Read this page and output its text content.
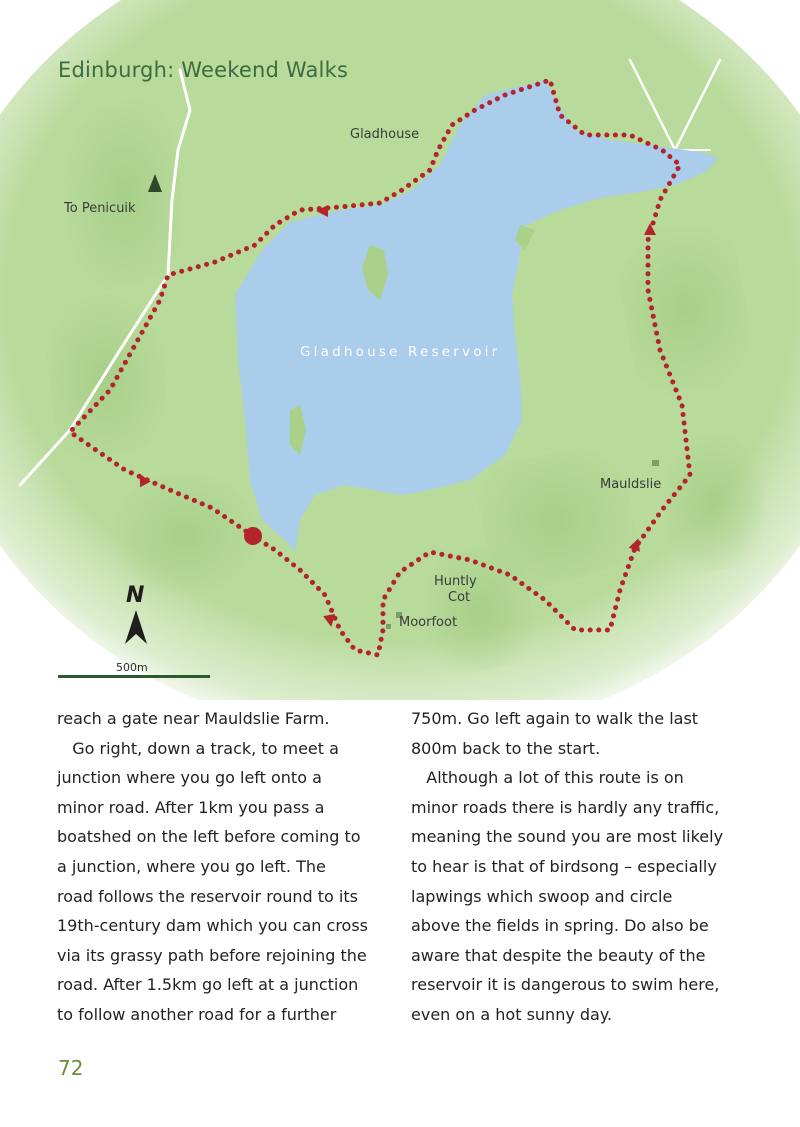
Gladhouse
To Penicuik
Gladhouse Reservoir
Mauldslie
Huntly
Cot
Moorfoot
N
500m
Edinburgh: Weekend Walks
reach a gate near Mauldslie Farm.
Go right, down a track, to meet a
junction where you go left onto a
minor road. After 1km you pass a
boatshed on the left before coming to
a junction, where you go left. The
road follows the reservoir round to its
19th-century dam which you can cross
via its grassy path before rejoining the
road. After 1.5km go left at a junction
to follow another road for a further
750m. Go left again to walk the last
800m back to the start.
Although a lot of this route is on
minor roads there is hardly any traffic,
meaning the sound you are most likely
to hear is that of birdsong – especially
lapwings which swoop and circle
above the fields in spring. Do also be
aware that despite the beauty of the
reservoir it is dangerous to swim here,
even on a hot sunny day.
72
